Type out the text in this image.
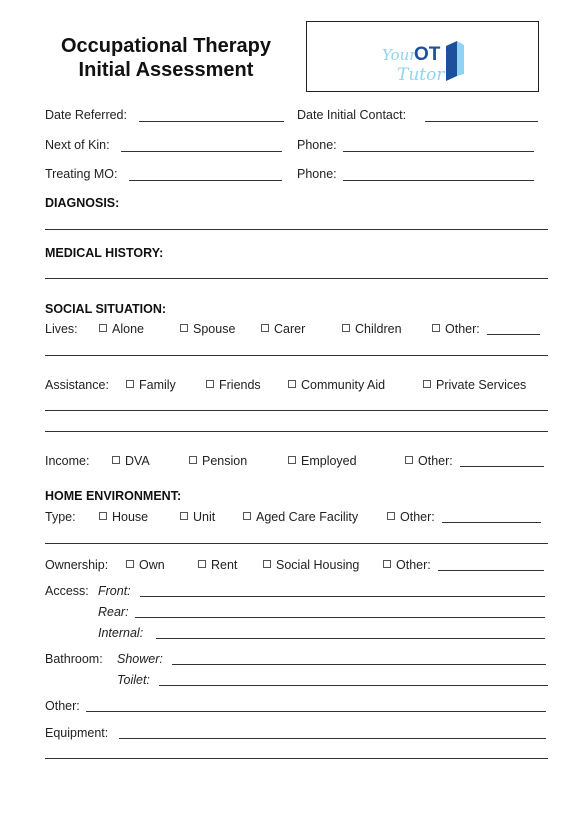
Occupational Therapy
Initial Assessment
Your
OT
Tutor
Date Referred:	Date Initial Contact:
Next of Kin:	Phone:
Treating MO:	Phone:
DIAGNOSIS:
MEDICAL HISTORY:
SOCIAL SITUATION:
Lives:	Alone	Spouse	Carer	Children	Other:
Assistance:	Family	Friends	Community Aid	Private Services
Income:	DVA	Pension	Employed	Other:
HOME ENVIRONMENT:
Type:	House	Unit	Aged Care Facility	Other:
Ownership:	Own	Rent	Social Housing	Other:
Access: Front:
Rear:
Internal:
Bathroom: Shower:
Toilet:
Other:
Equipment:
